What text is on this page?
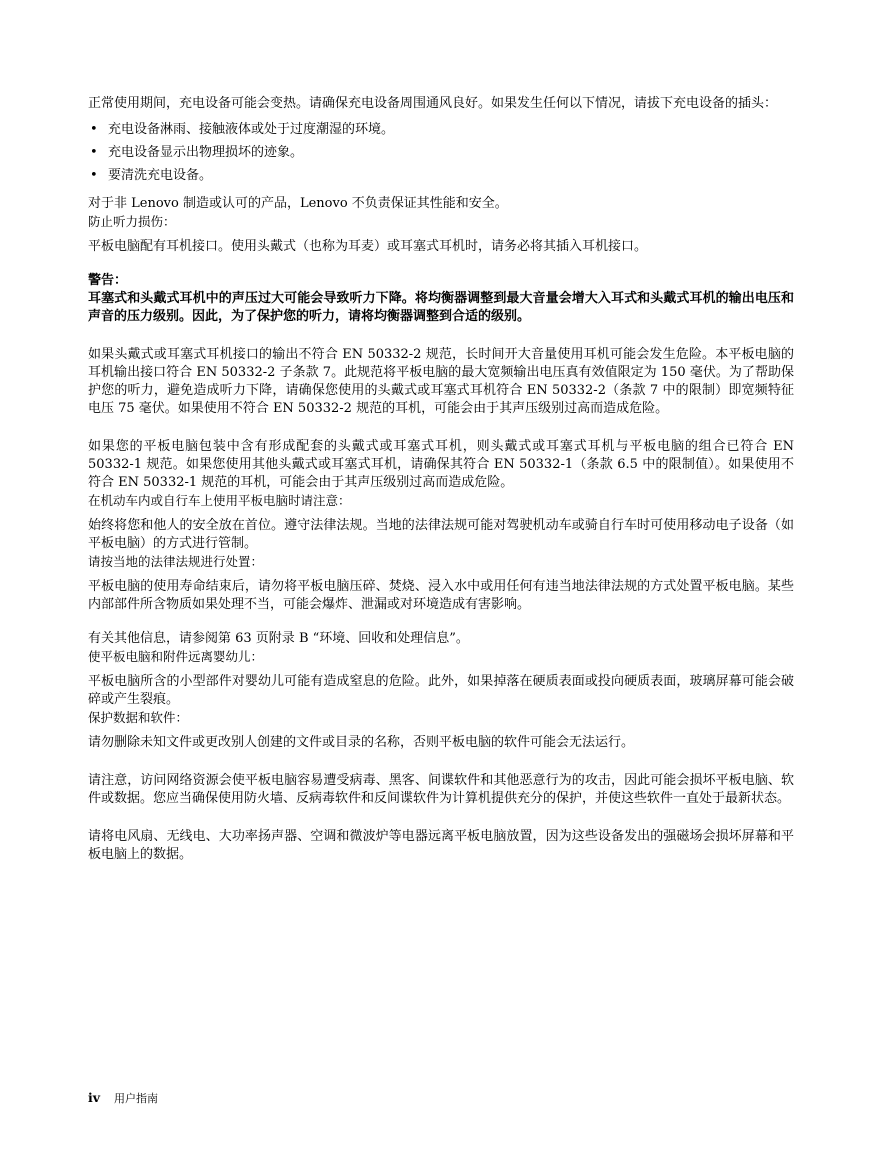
正常使用期间，充电设备可能会变热。请确保充电设备周围通风良好。如果发生任何以下情况，请拔下充电设备的插头：

• 充电设备淋雨、接触液体或处于过度潮湿的环境。
• 充电设备显示出物理损坏的迹象。
• 要清洗充电设备。

对于非 Lenovo 制造或认可的产品，Lenovo 不负责保证其性能和安全。

防止听力损伤：

平板电脑配有耳机接口。使用头戴式（也称为耳麦）或耳塞式耳机时，请务必将其插入耳机接口。

警告：

耳塞式和头戴式耳机中的声压过大可能会导致听力下降。将均衡器调整到最大音量会增大入耳式和头戴式耳机的输出电压和声音的压力级别。因此，为了保护您的听力，请将均衡器调整到合适的级别。

如果头戴式或耳塞式耳机接口的输出不符合 EN 50332-2 规范，长时间开大音量使用耳机可能会发生危险。本平板电脑的耳机输出接口符合 EN 50332-2 子条款 7。此规范将平板电脑的最大宽频输出电压真有效值限定为 150 毫伏。为了帮助保护您的听力，避免造成听力下降，请确保您使用的头戴式或耳塞式耳机符合 EN 50332-2（条款 7 中的限制）即宽频特征电压 75 毫伏。如果使用不符合 EN 50332-2 规范的耳机，可能会由于其声压级别过高而造成危险。

如果您的平板电脑包装中含有形成配套的头戴式或耳塞式耳机，则头戴式或耳塞式耳机与平板电脑的组合已符合 EN 50332-1 规范。如果您使用其他头戴式或耳塞式耳机，请确保其符合 EN 50332-1（条款 6.5 中的限制值）。如果使用不符合 EN 50332-1 规范的耳机，可能会由于其声压级别过高而造成危险。

在机动车内或自行车上使用平板电脑时请注意：

始终将您和他人的安全放在首位。遵守法律法规。当地的法律法规可能对驾驶机动车或骑自行车时可使用移动电子设备（如平板电脑）的方式进行管制。

请按当地的法律法规进行处置：

平板电脑的使用寿命结束后，请勿将平板电脑压碎、焚烧、浸入水中或用任何有违当地法律法规的方式处置平板电脑。某些内部部件所含物质如果处理不当，可能会爆炸、泄漏或对环境造成有害影响。

有关其他信息，请参阅第 63 页附录 B “环境、回收和处理信息”。

使平板电脑和附件远离婴幼儿：

平板电脑所含的小型部件对婴幼儿可能有造成窒息的危险。此外，如果掉落在硬质表面或投向硬质表面，玻璃屏幕可能会破碎或产生裂痕。

保护数据和软件：

请勿删除未知文件或更改别人创建的文件或目录的名称，否则平板电脑的软件可能会无法运行。

请注意，访问网络资源会使平板电脑容易遭受病毒、黑客、间谍软件和其他恶意行为的攻击，因此可能会损坏平板电脑、软件或数据。您应当确保使用防火墙、反病毒软件和反间谍软件为计算机提供充分的保护，并使这些软件一直处于最新状态。

请将电风扇、无线电、大功率扬声器、空调和微波炉等电器远离平板电脑放置，因为这些设备发出的强磁场会损坏屏幕和平板电脑上的数据。

iv 用户指南
